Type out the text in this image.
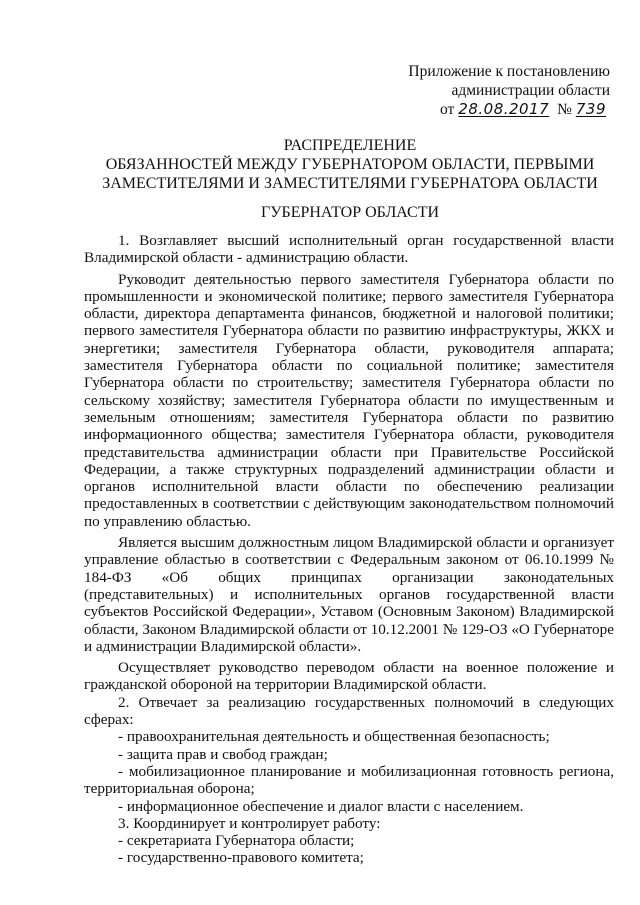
Приложение к постановлению
администрации области
от 28.08.2017 № 739
РАСПРЕДЕЛЕНИЕ
ОБЯЗАННОСТЕЙ МЕЖДУ ГУБЕРНАТОРОМ ОБЛАСТИ, ПЕРВЫМИ
ЗАМЕСТИТЕЛЯМИ И ЗАМЕСТИТЕЛЯМИ ГУБЕРНАТОРА ОБЛАСТИ
ГУБЕРНАТОР ОБЛАСТИ

1. Возглавляет высший исполнительный орган государственной власти Владимирской области - администрацию области.

Руководит деятельностью первого заместителя Губернатора области по промышленности и экономической политике; первого заместителя Губернатора области, директора департамента финансов, бюджетной и налоговой политики; первого заместителя Губернатора области по развитию инфраструктуры, ЖКХ и энергетики; заместителя Губернатора области, руководителя аппарата; заместителя Губернатора области по социальной политике; заместителя Губернатора области по строительству; заместителя Губернатора области по сельскому хозяйству; заместителя Губернатора области по имущественным и земельным отношениям; заместителя Губернатора области по развитию информационного общества; заместителя Губернатора области, руководителя представительства администрации области при Правительстве Российской Федерации, а также структурных подразделений администрации области и органов исполнительной власти области по обеспечению реализации предоставленных в соответствии с действующим законодательством полномочий по управлению областью.

Является высшим должностным лицом Владимирской области и организует управление областью в соответствии с Федеральным законом от 06.10.1999 № 184-ФЗ «Об общих принципах организации законодательных (представительных) и исполнительных органов государственной власти субъектов Российской Федерации», Уставом (Основным Законом) Владимирской области, Законом Владимирской области от 10.12.2001 № 129-ОЗ «О Губернаторе и администрации Владимирской области».

Осуществляет руководство переводом области на военное положение и гражданской обороной на территории Владимирской области.

2. Отвечает за реализацию государственных полномочий в следующих сферах:

- правоохранительная деятельность и общественная безопасность;

- защита прав и свобод граждан;

- мобилизационное планирование и мобилизационная готовность региона, территориальная оборона;

- информационное обеспечение и диалог власти с населением.

3. Координирует и контролирует работу:

- секретариата Губернатора области;

- государственно-правового комитета;
